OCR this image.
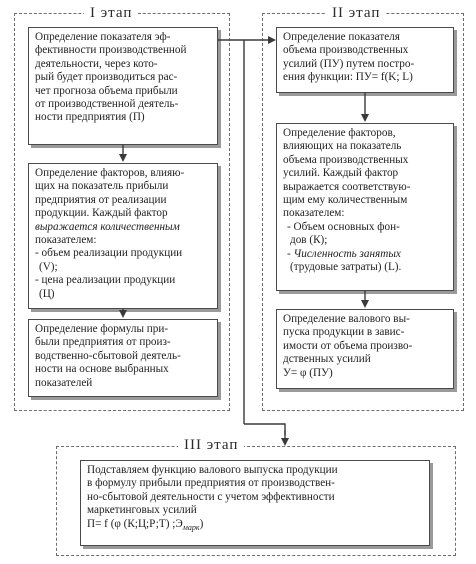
I этап

Определение показателя эф-

фективности производственной

деятельности, через кото-

рый будет производиться рас-

чет прогноза объема прибыли

от производственной деятель-

ности предприятия (П)

Определение факторов, влияю-

щих на показатель прибыли

предприятия от реализации

продукции. Каждый фактор

выражается количественным

показателем:

- объем реализации продукции

(V);

- цена реализации продукции

(Ц)

Определение формулы при-

были предприятия от произ-

водственно-сбытовой деятель-

ности на основе выбранных

показателей

II этап

Определение показателя

объема производственных

усилий (ПУ) путем постро-

ения функции: ПУ= f(K; L)

Определение факторов,

влияющих на показатель

объема производственных

усилий. Каждый фактор

выражается соответствую-

щим ему количественным

показателем:

- Объем основных фон-

дов (К);

- Численность занятых

(трудовые затраты) (L).

Определение валового вы-

пуска продукции в завис-

имости от объема произво-

дственных усилий

У= φ (ПУ)

III этап

Подставляем функцию валового выпуска продукции

в формулу прибыли предприятия от производствен-

но-сбытовой деятельности с учетом эффективности

маркетинговых усилий

П= f (φ (К;Ц;Р;Т) $;Э_{маpк}$)
